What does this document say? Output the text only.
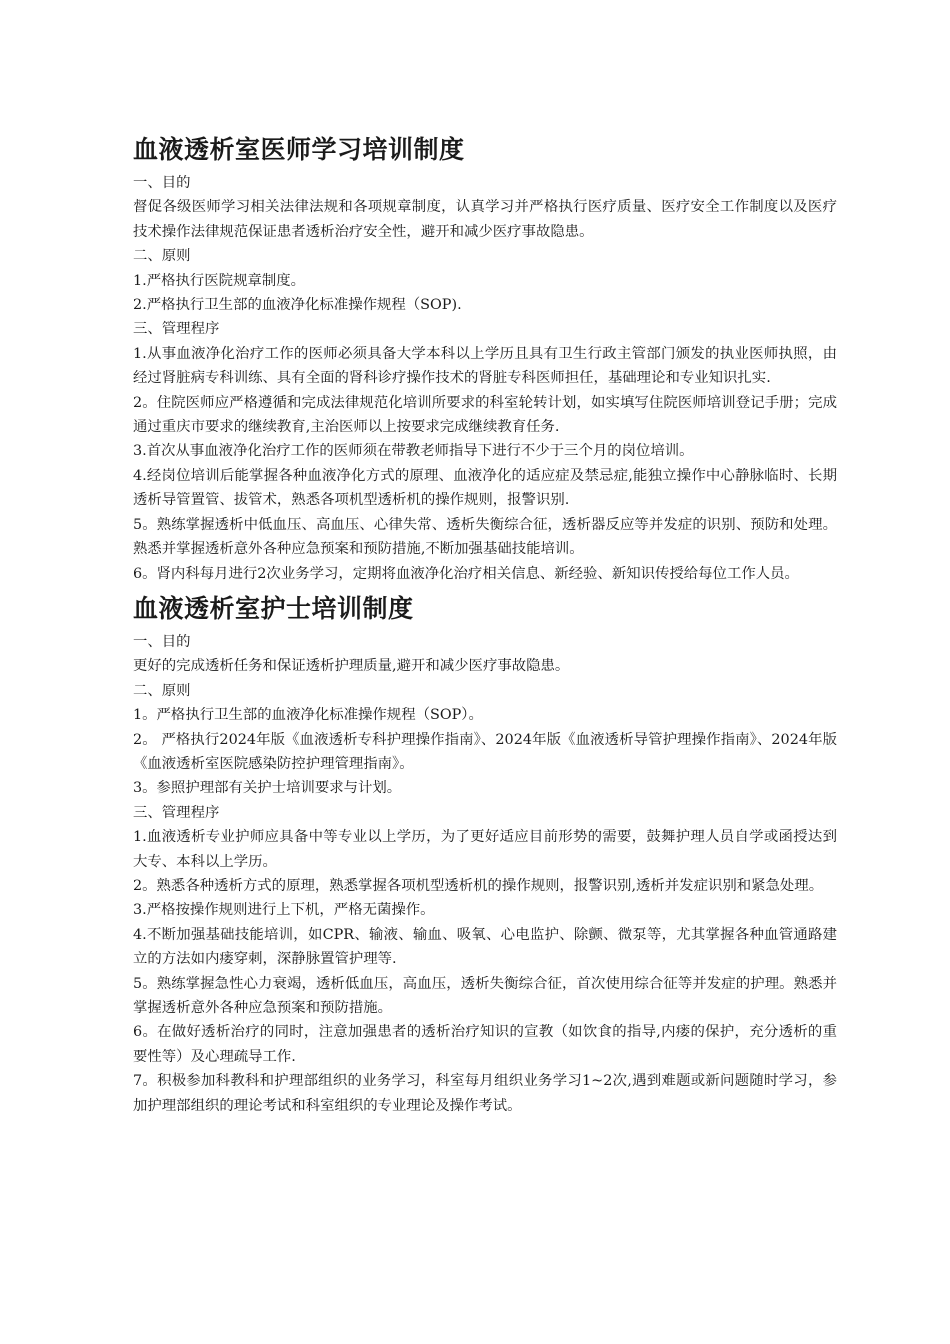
血液透析室医师学习培训制度

一、目的

督促各级医师学习相关法律法规和各项规章制度，认真学习并严格执行医疗质量、医疗安全工作制度以及医疗技术操作法律规范保证患者透析治疗安全性，避开和减少医疗事故隐患。

二、原则

1.严格执行医院规章制度。

2.严格执行卫生部的血液净化标准操作规程（SOP).

三、管理程序

1.从事血液净化治疗工作的医师必须具备大学本科以上学历且具有卫生行政主管部门颁发的执业医师执照，由经过肾脏病专科训练、具有全面的肾科诊疗操作技术的肾脏专科医师担任，基础理论和专业知识扎实.

2。住院医师应严格遵循和完成法律规范化培训所要求的科室轮转计划，如实填写住院医师培训登记手册；完成通过重庆市要求的继续教育,主治医师以上按要求完成继续教育任务.

3.首次从事血液净化治疗工作的医师须在带教老师指导下进行不少于三个月的岗位培训。

4.经岗位培训后能掌握各种血液净化方式的原理、血液净化的适应症及禁忌症,能独立操作中心静脉临时、长期透析导管置管、拔管术，熟悉各项机型透析机的操作规则，报警识别.

5。熟练掌握透析中低血压、高血压、心律失常、透析失衡综合征，透析器反应等并发症的识别、预防和处理。熟悉并掌握透析意外各种应急预案和预防措施,不断加强基础技能培训。

6。肾内科每月进行2次业务学习，定期将血液净化治疗相关信息、新经验、新知识传授给每位工作人员。

血液透析室护士培训制度

一、目的

更好的完成透析任务和保证透析护理质量,避开和减少医疗事故隐患。

二、原则

1。严格执行卫生部的血液净化标准操作规程（SOP）。

2。 严格执行2024年版《血液透析专科护理操作指南》、2024年版《血液透析导管护理操作指南》、2024年版《血液透析室医院感染防控护理管理指南》。

3。参照护理部有关护士培训要求与计划。

三、管理程序

1.血液透析专业护师应具备中等专业以上学历，为了更好适应目前形势的需要，鼓舞护理人员自学或函授达到大专、本科以上学历。

2。熟悉各种透析方式的原理，熟悉掌握各项机型透析机的操作规则，报警识别,透析并发症识别和紧急处理。

3.严格按操作规则进行上下机，严格无菌操作。

4.不断加强基础技能培训，如CPR、输液、输血、吸氧、心电监护、除颤、微泵等，尤其掌握各种血管通路建立的方法如内瘘穿刺，深静脉置管护理等.

5。熟练掌握急性心力衰竭，透析低血压，高血压，透析失衡综合征，首次使用综合征等并发症的护理。熟悉并掌握透析意外各种应急预案和预防措施。

6。在做好透析治疗的同时，注意加强患者的透析治疗知识的宣教（如饮食的指导,内瘘的保护，充分透析的重要性等）及心理疏导工作.

7。积极参加科教科和护理部组织的业务学习，科室每月组织业务学习1~2次,遇到难题或新问题随时学习，参加护理部组织的理论考试和科室组织的专业理论及操作考试。
